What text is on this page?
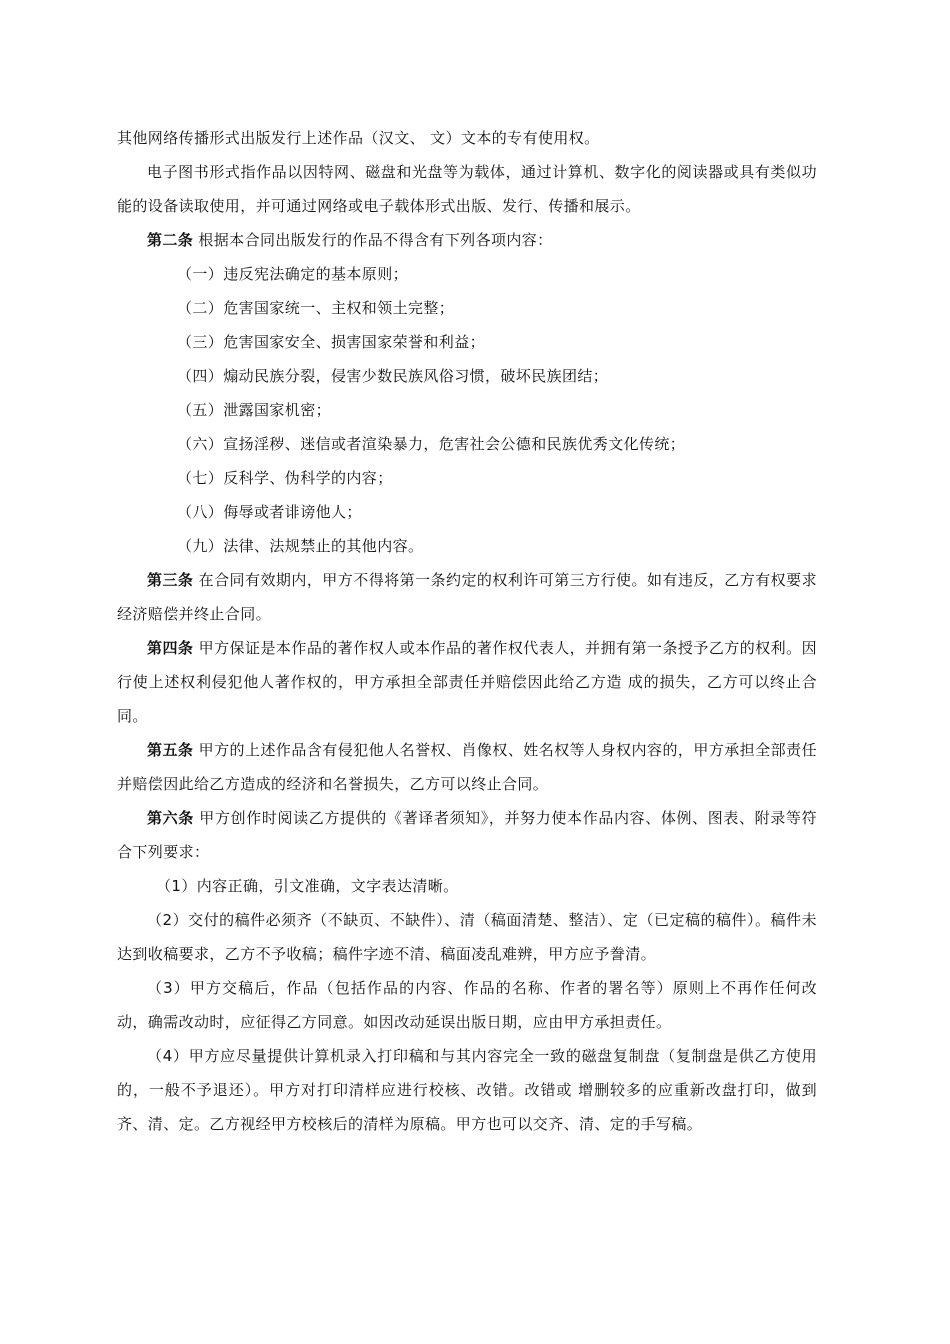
其他网络传播形式出版发行上述作品（汉文、 文）文本的专有使用权。

电子图书形式指作品以因特网、磁盘和光盘等为载体，通过计算机、数字化的阅读器或具有类似功能的设备读取使用，并可通过网络或电子载体形式出版、发行、传播和展示。

第二条 根据本合同出版发行的作品不得含有下列各项内容：

（一）违反宪法确定的基本原则；

（二）危害国家统一、主权和领土完整；

（三）危害国家安全、损害国家荣誉和利益；

（四）煽动民族分裂，侵害少数民族风俗习惯，破坏民族团结；

（五）泄露国家机密；

（六）宣扬淫秽、迷信或者渲染暴力，危害社会公德和民族优秀文化传统；

（七）反科学、伪科学的内容；

（八）侮辱或者诽谤他人；

（九）法律、法规禁止的其他内容。

第三条 在合同有效期内，甲方不得将第一条约定的权利许可第三方行使。如有违反，乙方有权要求经济赔偿并终止合同。

第四条 甲方保证是本作品的著作权人或本作品的著作权代表人，并拥有第一条授予乙方的权利。因行使上述权利侵犯他人著作权的，甲方承担全部责任并赔偿因此给乙方造 成的损失，乙方可以终止合同。

第五条 甲方的上述作品含有侵犯他人名誉权、肖像权、姓名权等人身权内容的，甲方承担全部责任并赔偿因此给乙方造成的经济和名誉损失，乙方可以终止合同。

第六条 甲方创作时阅读乙方提供的《著译者须知》，并努力使本作品内容、体例、图表、附录等符合下列要求：

（1）内容正确，引文准确，文字表达清晰。

（2）交付的稿件必须齐（不缺页、不缺件）、清（稿面清楚、整洁）、定（已定稿的稿件）。稿件未达到收稿要求，乙方不予收稿；稿件字迹不清、稿面凌乱难辨，甲方应予誊清。

（3）甲方交稿后，作品（包括作品的内容、作品的名称、作者的署名等）原则上不再作任何改动，确需改动时，应征得乙方同意。如因改动延误出版日期，应由甲方承担责任。

（4）甲方应尽量提供计算机录入打印稿和与其内容完全一致的磁盘复制盘（复制盘是供乙方使用的，一般不予退还）。甲方对打印清样应进行校核、改错。改错或 增删较多的应重新改盘打印，做到齐、清、定。乙方视经甲方校核后的清样为原稿。甲方也可以交齐、清、定的手写稿。
